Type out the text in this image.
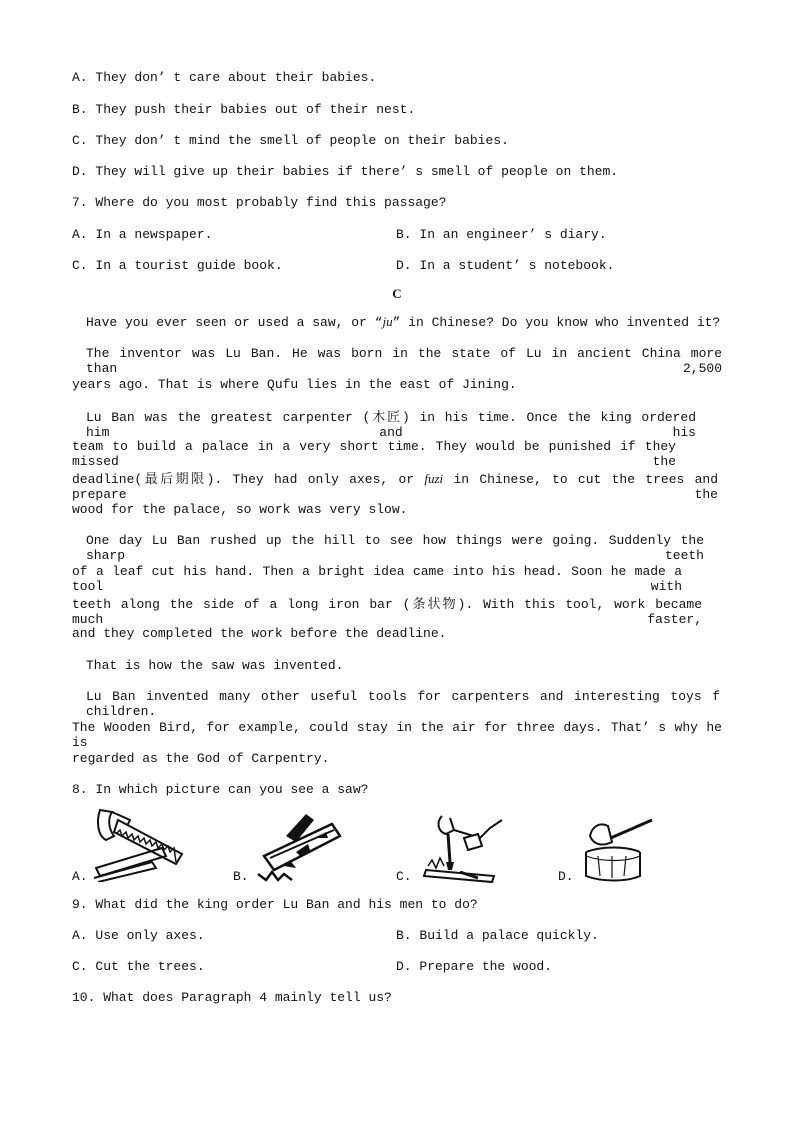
A. They don’ t care about their babies.
B. They push their babies out of their nest.
C. They don’ t mind the smell of people on their babies.
D. They will give up their babies if there’ s smell of people on them.
7. Where do you most probably find this passage?
A. In a newspaper.	B. In an engineer’ s diary.
C. In a tourist guide book.	D. In a student’ s notebook.
C
Have you ever seen or used a saw, or “ju” in Chinese? Do you know who invented it?
The inventor was Lu Ban. He was born in the state of Lu in ancient China more than 2,500
years ago. That is where Qufu lies in the east of Jining.
Lu Ban was the greatest carpenter (木匠) in his time. Once the king ordered him and his
team to build a palace in a very short time. They would be punished if they missed the
deadline(最后期限). They had only axes, or fuzi in Chinese, to cut the trees and prepare the
wood for the palace, so work was very slow.
One day Lu Ban rushed up the hill to see how things were going. Suddenly the sharp teeth
of a leaf cut his hand. Then a bright idea came into his head. Soon he made a tool with
teeth along the side of a long iron bar (条状物). With this tool, work became much faster,
and they completed the work before the deadline.
That is how the saw was invented.
Lu Ban invented many other useful tools for carpenters and interesting toys f children.
The Wooden Bird, for example, could stay in the air for three days. That’ s why he is
regarded as the God of Carpentry.
8. In which picture can you see a saw?
A.	B.	C.	D.
9. What did the king order Lu Ban and his men to do?
A. Use only axes.	B. Build a palace quickly.
C. Cut the trees.	D. Prepare the wood.
10. What does Paragraph 4 mainly tell us?
